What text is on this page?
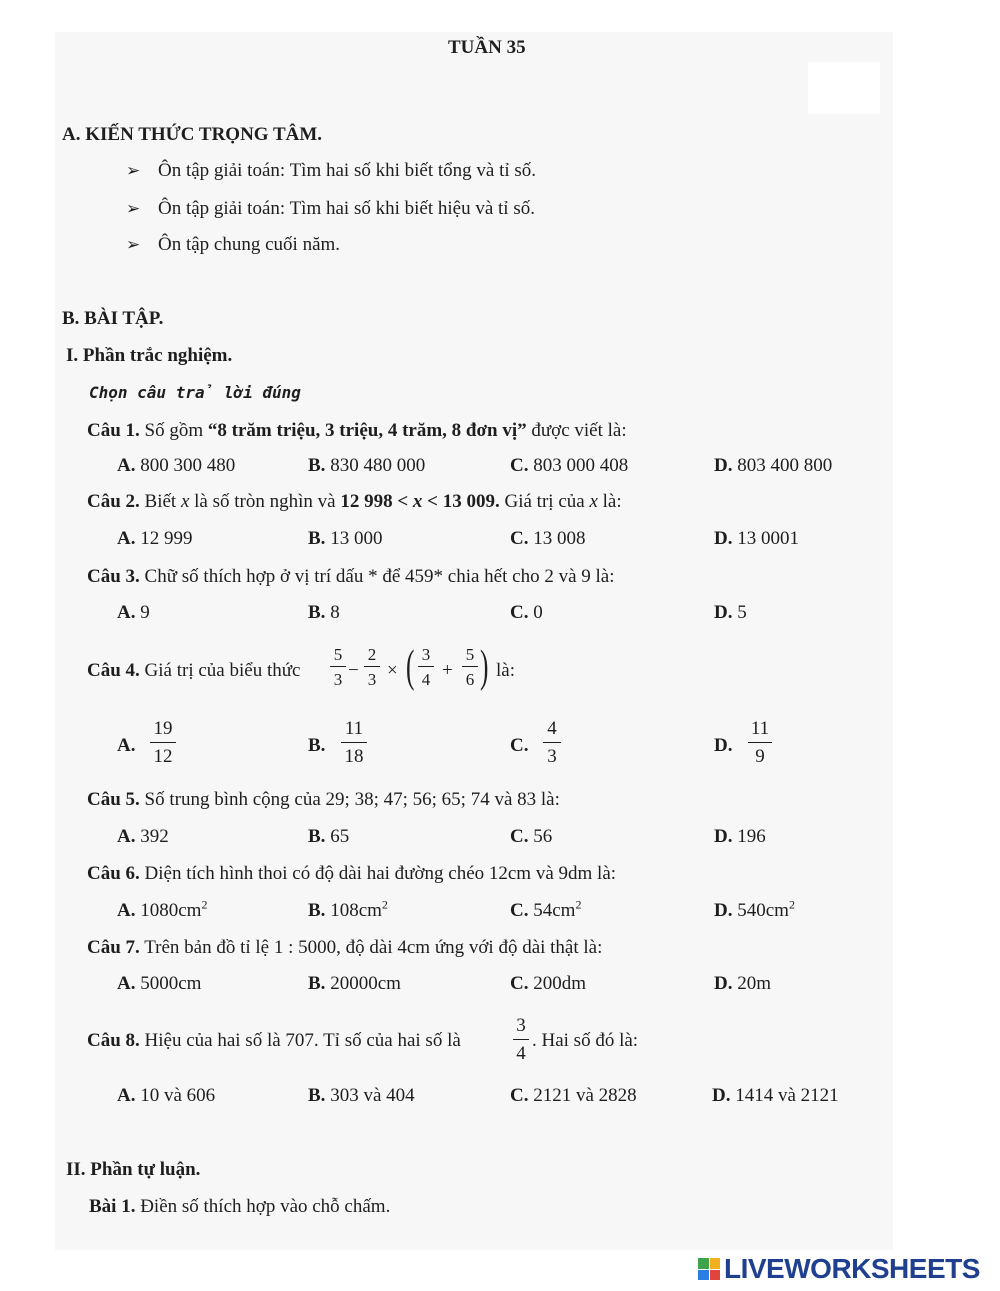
TUẦN 35
A. KIẾN THỨC TRỌNG TÂM.
➢ Ôn tập giải toán: Tìm hai số khi biết tổng và tỉ số.
➢ Ôn tập giải toán: Tìm hai số khi biết hiệu và tỉ số.
➢ Ôn tập chung cuối năm.
B. BÀI TẬP.
I. Phần trắc nghiệm.
Chọn câu trả lời đúng
Câu 1. Số gồm “8 trăm triệu, 3 triệu, 4 trăm, 8 đơn vị” được viết là:
A. 800 300 480	B. 830 480 000	C. 803 000 408	D. 803 400 800
Câu 2. Biết x là số tròn nghìn và 12 998 < x < 13 009. Giá trị của x là:
A. 12 999	B. 13 000	C. 13 008	D. 13 0001
Câu 3. Chữ số thích hợp ở vị trí dấu * để 459* chia hết cho 2 và 9 là:
A. 9	B. 8	C. 0	D. 5
Câu 4. Giá trị của biểu thức
5
3 −
2
3 × ( 3
4 +
5
6 ) là:
A.
19
12
B.
11
18
C.
4
3
D.
11
9
Câu 5. Số trung bình cộng của 29; 38; 47; 56; 65; 74 và 83 là:
A. 392	B. 65	C. 56	D. 196
Câu 6. Diện tích hình thoi có độ dài hai đường chéo 12cm và 9dm là:
A. $1080cm^2$	B. $108cm^2$	C. $54cm^2$	D. $540cm^2$
Câu 7. Trên bản đồ tỉ lệ 1 : 5000, độ dài 4cm ứng với độ dài thật là:
A. 5000cm	B. 20000cm	C. 200dm	D. 20m
Câu 8. Hiệu của hai số là 707. Tỉ số của hai số là
3
4
. Hai số đó là:
A. 10 và 606	B. 303 và 404	C. 2121 và 2828	D. 1414 và 2121
II. Phần tự luận.
Bài 1. Điền số thích hợp vào chỗ chấm.
LIVEWORKSHEETS
